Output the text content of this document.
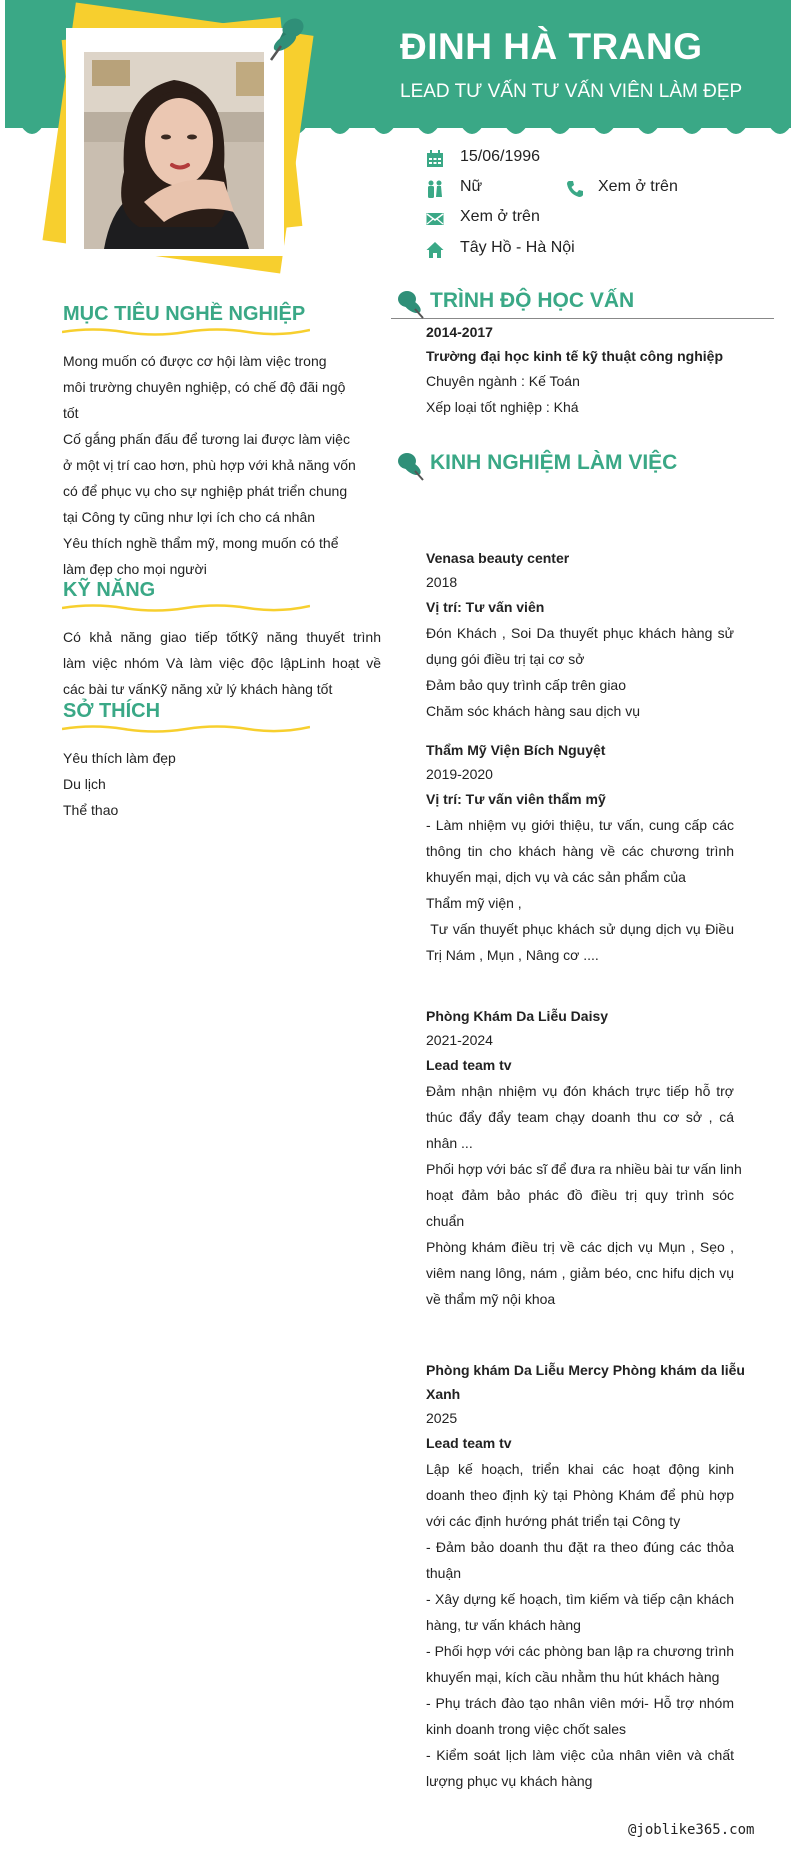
ĐINH HÀ TRANG
LEAD TƯ VẤN TƯ VẤN VIÊN LÀM ĐẸP
15/06/1996
Nữ	Xem ở trên
Xem ở trên
Tây Hồ - Hà Nội
MỤC TIÊU NGHỀ NGHIỆP
Mong muốn có được cơ hội làm việc trong
môi trường chuyên nghiệp, có chế độ đãi ngộ
tốt
Cố gắng phấn đấu để tương lai được làm việc
ở một vị trí cao hơn, phù hợp với khả năng vốn
có để phục vụ cho sự nghiệp phát triển chung
tại Công ty cũng như lợi ích cho cá nhân
Yêu thích nghề thẩm mỹ, mong muốn có thể
làm đẹp cho mọi người
KỸ NĂNG
Có khả năng giao tiếp tốtKỹ năng thuyết trình
làm việc nhóm Và làm việc độc lậpLinh hoạt về
các bài tư vấnKỹ năng xử lý khách hàng tốt
SỞ THÍCH
Yêu thích làm đẹp
Du lịch
Thể thao
TRÌNH ĐỘ HỌC VẤN
2014-2017
Trường đại học kinh tế kỹ thuật công nghiệp
Chuyên ngành : Kế Toán
Xếp loại tốt nghiệp : Khá
KINH NGHIỆM LÀM VIỆC
Venasa beauty center
2018
Vị trí: Tư vấn viên
Đón Khách , Soi Da thuyết phục khách hàng sử
dụng gói điều trị tại cơ sở
Đảm bảo quy trình cấp trên giao
Chăm sóc khách hàng sau dịch vụ
Thẩm Mỹ Viện Bích Nguyệt
2019-2020
Vị trí: Tư vấn viên thẩm mỹ
- Làm nhiệm vụ giới thiệu, tư vấn, cung cấp các
thông tin cho khách hàng về các chương trình
khuyến mại, dịch vụ và các sản phẩm của
Thẩm mỹ viện ,
Tư vấn thuyết phục khách sử dụng dịch vụ Điều
Trị Nám , Mụn , Nâng cơ ....
Phòng Khám Da Liễu Daisy
2021-2024
Lead team tv
Đảm nhận nhiệm vụ đón khách trực tiếp hỗ trợ
thúc đẩy đẩy team chạy doanh thu cơ sở , cá
nhân ...
Phối hợp với bác sĩ để đưa ra nhiều bài tư vấn linh
hoạt đảm bảo phác đồ điều trị quy trình sóc
chuẩn
Phòng khám điều trị về các dịch vụ Mụn , Sẹo ,
viêm nang lông, nám , giảm béo, cnc hifu dịch vụ
về thẩm mỹ nội khoa
Phòng khám Da Liễu Mercy Phòng khám da liễu
Xanh
2025
Lead team tv
Lập kế hoạch, triển khai các hoạt động kinh
doanh theo định kỳ tại Phòng Khám để phù hợp
với các định hướng phát triển tại Công ty
- Đảm bảo doanh thu đặt ra theo đúng các thỏa
thuận
- Xây dựng kế hoạch, tìm kiếm và tiếp cận khách
hàng, tư vấn khách hàng
- Phối hợp với các phòng ban lập ra chương trình
khuyến mại, kích cầu nhằm thu hút khách hàng
- Phụ trách đào tạo nhân viên mới- Hỗ trợ nhóm
kinh doanh trong việc chốt sales
- Kiểm soát lịch làm việc của nhân viên và chất
lượng phục vụ khách hàng
@joblike365.com
